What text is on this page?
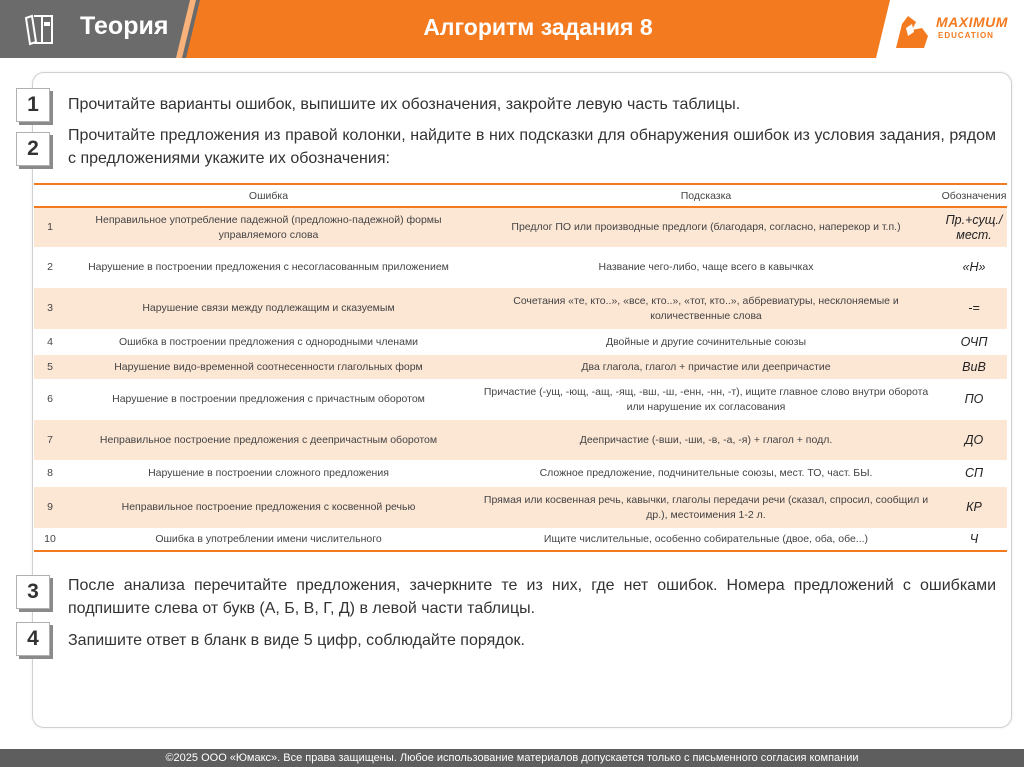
Теория	Алгоритм задания 8	MAXIMUM
EDUCATION
1	Прочитайте варианты ошибок, выпишите их обозначения, закройте левую часть таблицы.
2
Прочитайте предложения из правой колонки, найдите в них подсказки для обнаружения ошибок из условия задания, рядом с предложениями укажите их обозначения:
	Ошибка	Подсказка	Обозначения
1	Неправильное употребление падежной (предложно-падежной) формы управляемого слова	Предлог ПО или производные предлоги (благодаря, согласно, наперекор и т.п.)	Пр.+сущ./ мест.
2	Нарушение в построении предложения с несогласованным приложением	Название чего-либо, чаще всего в кавычках	«Н»
3	Нарушение связи между подлежащим и сказуемым	Сочетания «те, кто..», «все, кто..», «тот, кто..», аббревиатуры, несклоняемые и количественные слова	-=
4	Ошибка в построении предложения с однородными членами	Двойные и другие сочинительные союзы	ОЧП
5	Нарушение видо-временной соотнесенности глагольных форм	Два глагола, глагол + причастие или деепричастие	ВиВ
6	Нарушение в построении предложения с причастным оборотом	Причастие (-ущ, -ющ, -ащ, -ящ, -вш, -ш, -енн, -нн, -т), ищите главное слово внутри оборота или нарушение их согласования	ПО
7	Неправильное построение предложения с деепричастным оборотом	Деепричастие (-вши, -ши, -в, -а, -я) + глагол + подл.	ДО
8	Нарушение в построении сложного предложения	Сложное предложение, подчинительные союзы, мест. ТО, част. БЫ.	СП
9	Неправильное построение предложения с косвенной речью	Прямая или косвенная речь, кавычки, глаголы передачи речи (сказал, спросил, сообщил и др.), местоимения 1-2 л.	КР
10	Ошибка в употреблении имени числительного	Ищите числительные, особенно собирательные (двое, оба, обе...)	Ч
3	После анализа перечитайте предложения, зачеркните те из них, где нет ошибок. Номера предложений с ошибками подпишите слева от букв (А, Б, В, Г, Д) в левой части таблицы.
4	Запишите ответ в бланк в виде 5 цифр, соблюдайте порядок.
©2025 ООО «Юмакс». Все права защищены. Любое использование материалов допускается только с письменного согласия компании
